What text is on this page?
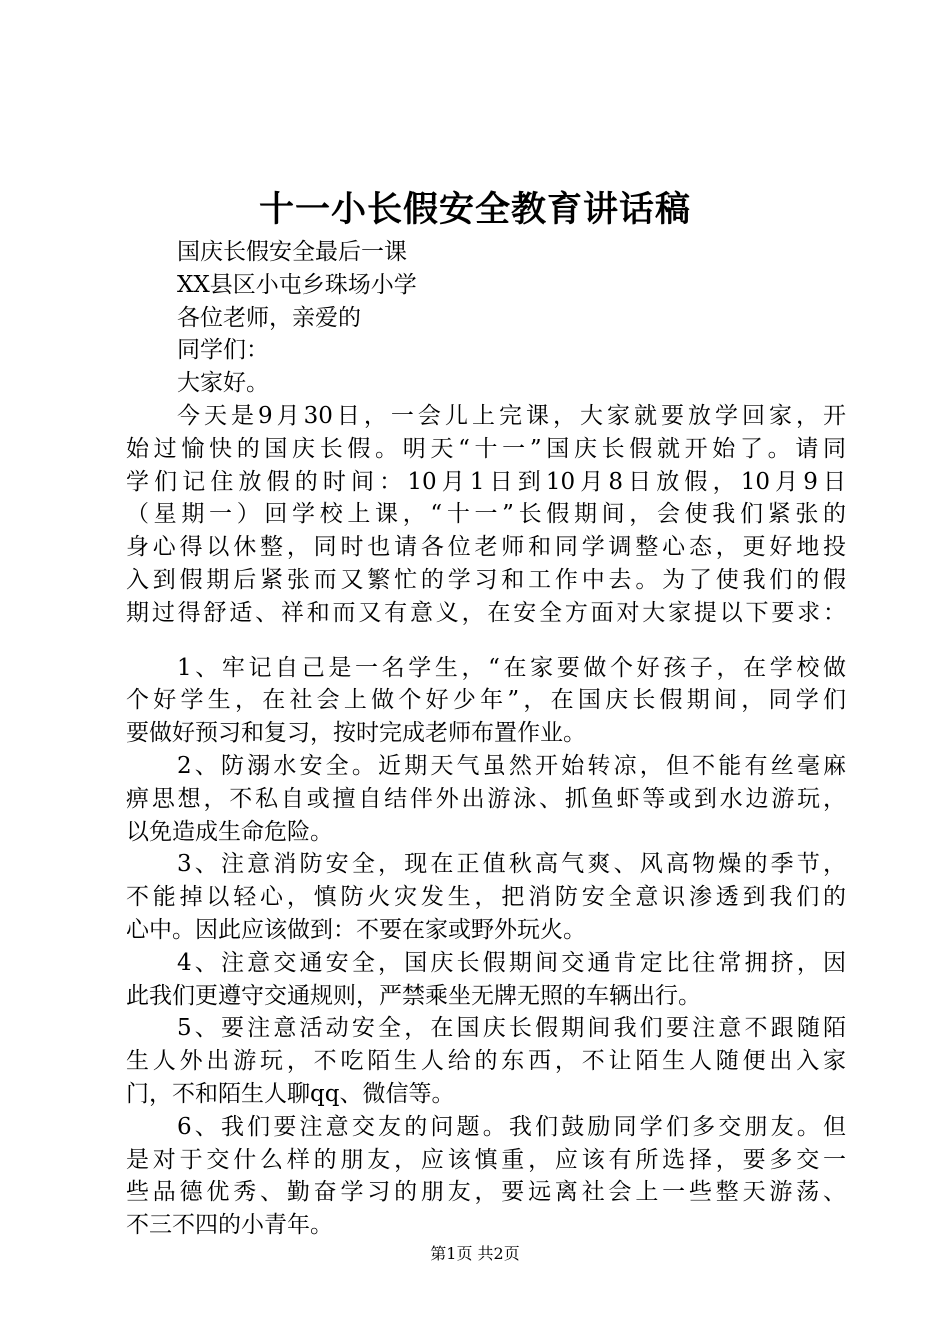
十一小长假安全教育讲话稿
国庆长假安全最后一课
XX县区小屯乡珠场小学
各位老师，亲爱的
同学们：
大家好。
今天是9月30日，一会儿上完课，大家就要放学回家，开
始过愉快的国庆长假。明天“十一”国庆长假就开始了。请同
学们记住放假的时间：10月1日到10月8日放假，10月9日
（星期一）回学校上课，“十一”长假期间，会使我们紧张的
身心得以休整，同时也请各位老师和同学调整心态，更好地投
入到假期后紧张而又繁忙的学习和工作中去。为了使我们的假
期过得舒适、祥和而又有意义，在安全方面对大家提以下要求：
1、牢记自己是一名学生，“在家要做个好孩子，在学校做
个好学生，在社会上做个好少年”，在国庆长假期间，同学们
要做好预习和复习，按时完成老师布置作业。
2、防溺水安全。近期天气虽然开始转凉，但不能有丝毫麻
痹思想，不私自或擅自结伴外出游泳、抓鱼虾等或到水边游玩，
以免造成生命危险。
3、注意消防安全，现在正值秋高气爽、风高物燥的季节，
不能掉以轻心，慎防火灾发生，把消防安全意识渗透到我们的
心中。因此应该做到：不要在家或野外玩火。
4、注意交通安全，国庆长假期间交通肯定比往常拥挤，因
此我们更遵守交通规则，严禁乘坐无牌无照的车辆出行。
5、要注意活动安全，在国庆长假期间我们要注意不跟随陌
生人外出游玩，不吃陌生人给的东西，不让陌生人随便出入家
门，不和陌生人聊qq、微信等。
6、我们要注意交友的问题。我们鼓励同学们多交朋友。但
是对于交什么样的朋友，应该慎重，应该有所选择，要多交一
些品德优秀、勤奋学习的朋友，要远离社会上一些整天游荡、
不三不四的小青年。
第1页 共2页
